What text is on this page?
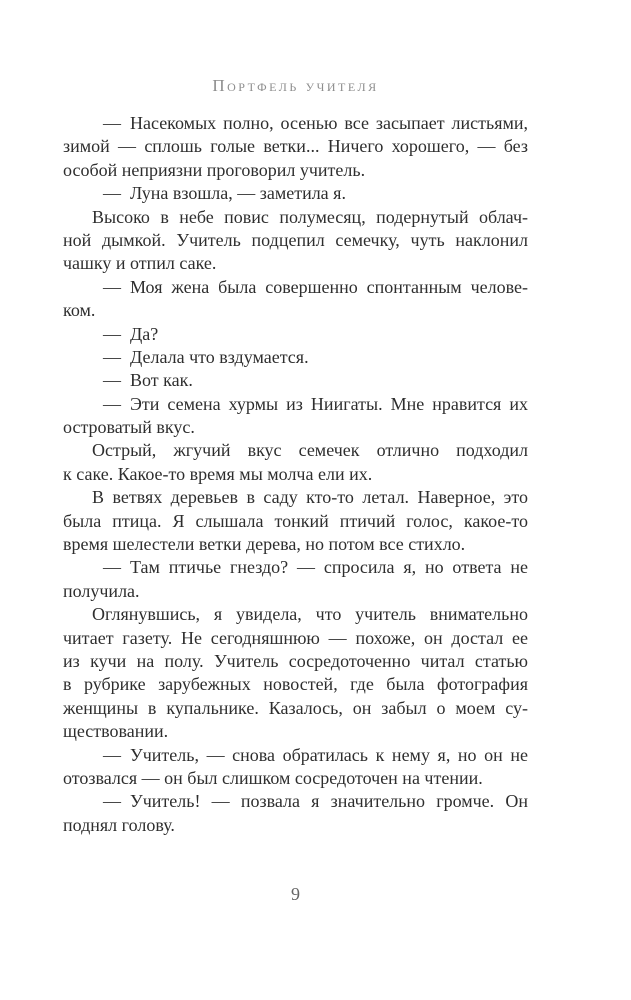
Портфель учителя

— Насекомых полно, осенью все засыпает листьями,
зимой — сплошь голые ветки... Ничего хорошего, — без
особой неприязни проговорил учитель.

— Луна взошла, — заметила я.

Высоко в небе повис полумесяц, подернутый облач-
ной дымкой. Учитель подцепил семечку, чуть наклонил
чашку и отпил саке.

— Моя жена была совершенно спонтанным челове-
ком.

— Да?

— Делала что вздумается.

— Вот как.

— Эти семена хурмы из Ниигаты. Мне нравится их
островатый вкус.

Острый, жгучий вкус семечек отлично подходил
к саке. Какое-то время мы молча ели их.

В ветвях деревьев в саду кто-то летал. Наверное, это
была птица. Я слышала тонкий птичий голос, какое-то
время шелестели ветки дерева, но потом все стихло.

— Там птичье гнездо? — спросила я, но ответа не
получила.

Оглянувшись, я увидела, что учитель внимательно
читает газету. Не сегодняшнюю — похоже, он достал ее
из кучи на полу. Учитель сосредоточенно читал статью
в рубрике зарубежных новостей, где была фотография
женщины в купальнике. Казалось, он забыл о моем су-
ществовании.

— Учитель, — снова обратилась к нему я, но он не
отозвался — он был слишком сосредоточен на чтении.

— Учитель! — позвала я значительно громче. Он
поднял голову.

9
